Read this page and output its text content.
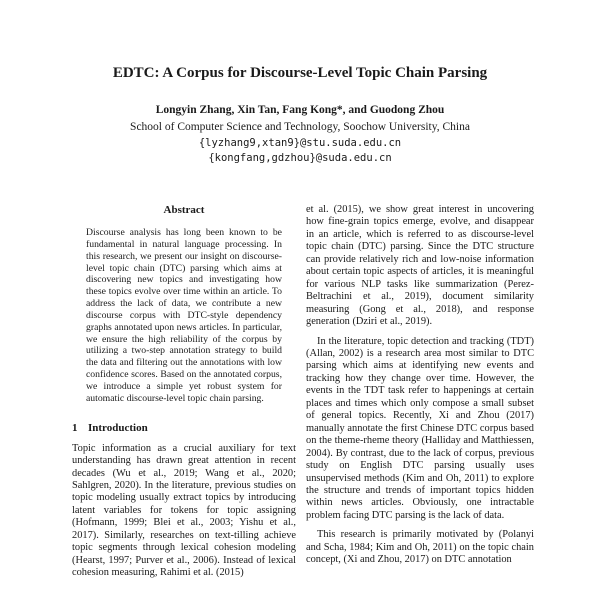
EDTC: A Corpus for Discourse-Level Topic Chain Parsing
Longyin Zhang, Xin Tan, Fang Kong*, and Guodong Zhou
School of Computer Science and Technology, Soochow University, China
{lyzhang9,xtan9}@stu.suda.edu.cn
{kongfang,gdzhou}@suda.edu.cn
Abstract

Discourse analysis has long been known to be fundamental in natural language processing. In this research, we present our insight on discourse-level topic chain (DTC) parsing which aims at discovering new topics and investigating how these topics evolve over time within an article. To address the lack of data, we contribute a new discourse corpus with DTC-style dependency graphs annotated upon news articles. In particular, we ensure the high reliability of the corpus by utilizing a two-step annotation strategy to build the data and filtering out the annotations with low confidence scores. Based on the annotated corpus, we introduce a simple yet robust system for automatic discourse-level topic chain parsing.

1 Introduction

Topic information as a crucial auxiliary for text understanding has drawn great attention in recent decades (Wu et al., 2019; Wang et al., 2020; Sahlgren, 2020). In the literature, previous studies on topic modeling usually extract topics by introducing latent variables for tokens for topic assigning (Hofmann, 1999; Blei et al., 2003; Yishu et al., 2017). Similarly, researches on text-tilling achieve topic segments through lexical cohesion modeling (Hearst, 1997; Purver et al., 2006). Instead of lexical cohesion measuring, Rahimi et al. (2015)

et al. (2015), we show great interest in uncovering how fine-grain topics emerge, evolve, and disappear in an article, which is referred to as discourse-level topic chain (DTC) parsing. Since the DTC structure can provide relatively rich and low-noise information about certain topic aspects of articles, it is meaningful for various NLP tasks like summarization (Perez-Beltrachini et al., 2019), document similarity measuring (Gong et al., 2018), and response generation (Dziri et al., 2019).

In the literature, topic detection and tracking (TDT) (Allan, 2002) is a research area most similar to DTC parsing which aims at identifying new events and tracking how they change over time. However, the events in the TDT task refer to happenings at certain places and times which only compose a small subset of general topics. Recently, Xi and Zhou (2017) manually annotate the first Chinese DTC corpus based on the theme-rheme theory (Halliday and Matthiessen, 2004). By contrast, due to the lack of corpus, previous study on English DTC parsing usually uses unsupervised methods (Kim and Oh, 2011) to explore the structure and trends of important topics hidden within news articles. Obviously, one intractable problem facing DTC parsing is the lack of data.

This research is primarily motivated by (Polanyi and Scha, 1984; Kim and Oh, 2011) on the topic chain concept, (Xi and Zhou, 2017) on DTC annotation
